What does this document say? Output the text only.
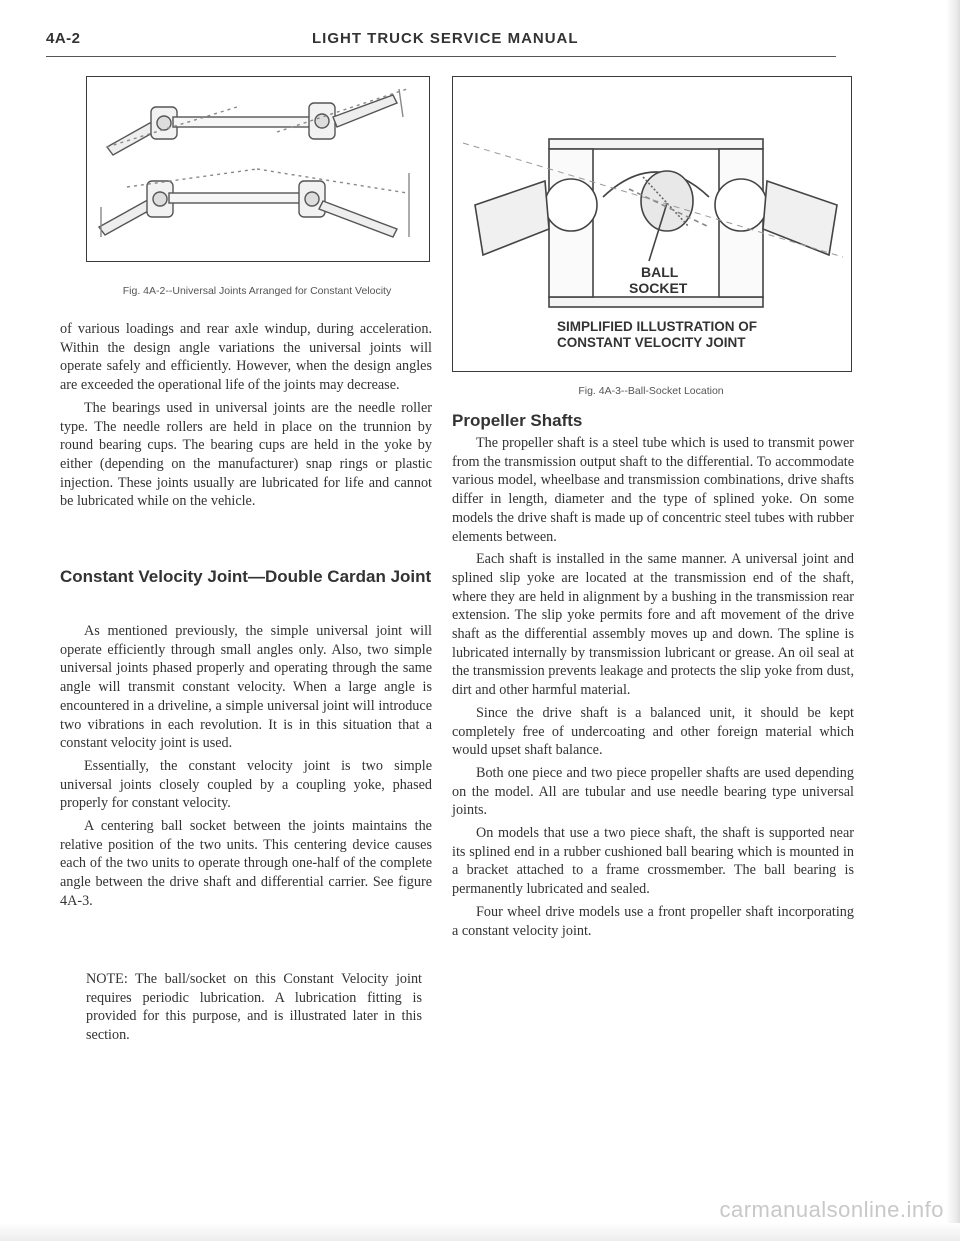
4A-2	LIGHT TRUCK SERVICE MANUAL
Fig. 4A-2--Universal Joints Arranged for Constant Velocity
BALL
SOCKET
SIMPLIFIED ILLUSTRATION OF
CONSTANT VELOCITY JOINT
Fig. 4A-3--Ball-Socket Location

of various loadings and rear axle windup, during acceleration. Within the design angle variations the universal joints will operate safely and efficiently. However, when the design angles are exceeded the operational life of the joints may decrease.

The bearings used in universal joints are the needle roller type. The needle rollers are held in place on the trunnion by round bearing cups. The bearing cups are held in the yoke by either (depending on the manufacturer) snap rings or plastic injection. These joints usually are lubricated for life and cannot be lubricated while on the vehicle.

Constant Velocity Joint—Double Cardan Joint

As mentioned previously, the simple universal joint will operate efficiently through small angles only. Also, two simple universal joints phased properly and operating through the same angle will transmit constant velocity. When a large angle is encountered in a driveline, a simple universal joint will introduce two vibrations in each revolution. It is in this situation that a constant velocity joint is used.

Essentially, the constant velocity joint is two simple universal joints closely coupled by a coupling yoke, phased properly for constant velocity.

A centering ball socket between the joints maintains the relative position of the two units. This centering device causes each of the two units to operate through one-half of the complete angle between the drive shaft and differential carrier. See figure 4A-3.

NOTE: The ball/socket on this Constant Velocity joint requires periodic lubrication. A lubrication fitting is provided for this purpose, and is illustrated later in this section.
Propeller Shafts

The propeller shaft is a steel tube which is used to transmit power from the transmission output shaft to the differential. To accommodate various model, wheelbase and transmission combinations, drive shafts differ in length, diameter and the type of splined yoke. On some models the drive shaft is made up of concentric steel tubes with rubber elements between.

Each shaft is installed in the same manner. A universal joint and splined slip yoke are located at the transmission end of the shaft, where they are held in alignment by a bushing in the transmission rear extension. The slip yoke permits fore and aft movement of the drive shaft as the differential assembly moves up and down. The spline is lubricated internally by transmission lubricant or grease. An oil seal at the transmission prevents leakage and protects the slip yoke from dust, dirt and other harmful material.

Since the drive shaft is a balanced unit, it should be kept completely free of undercoating and other foreign material which would upset shaft balance.

Both one piece and two piece propeller shafts are used depending on the model. All are tubular and use needle bearing type universal joints.

On models that use a two piece shaft, the shaft is supported near its splined end in a rubber cushioned ball bearing which is mounted in a bracket attached to a frame crossmember. The ball bearing is permanently lubricated and sealed.

Four wheel drive models use a front propeller shaft incorporating a constant velocity joint.

carmanualsonline.info
